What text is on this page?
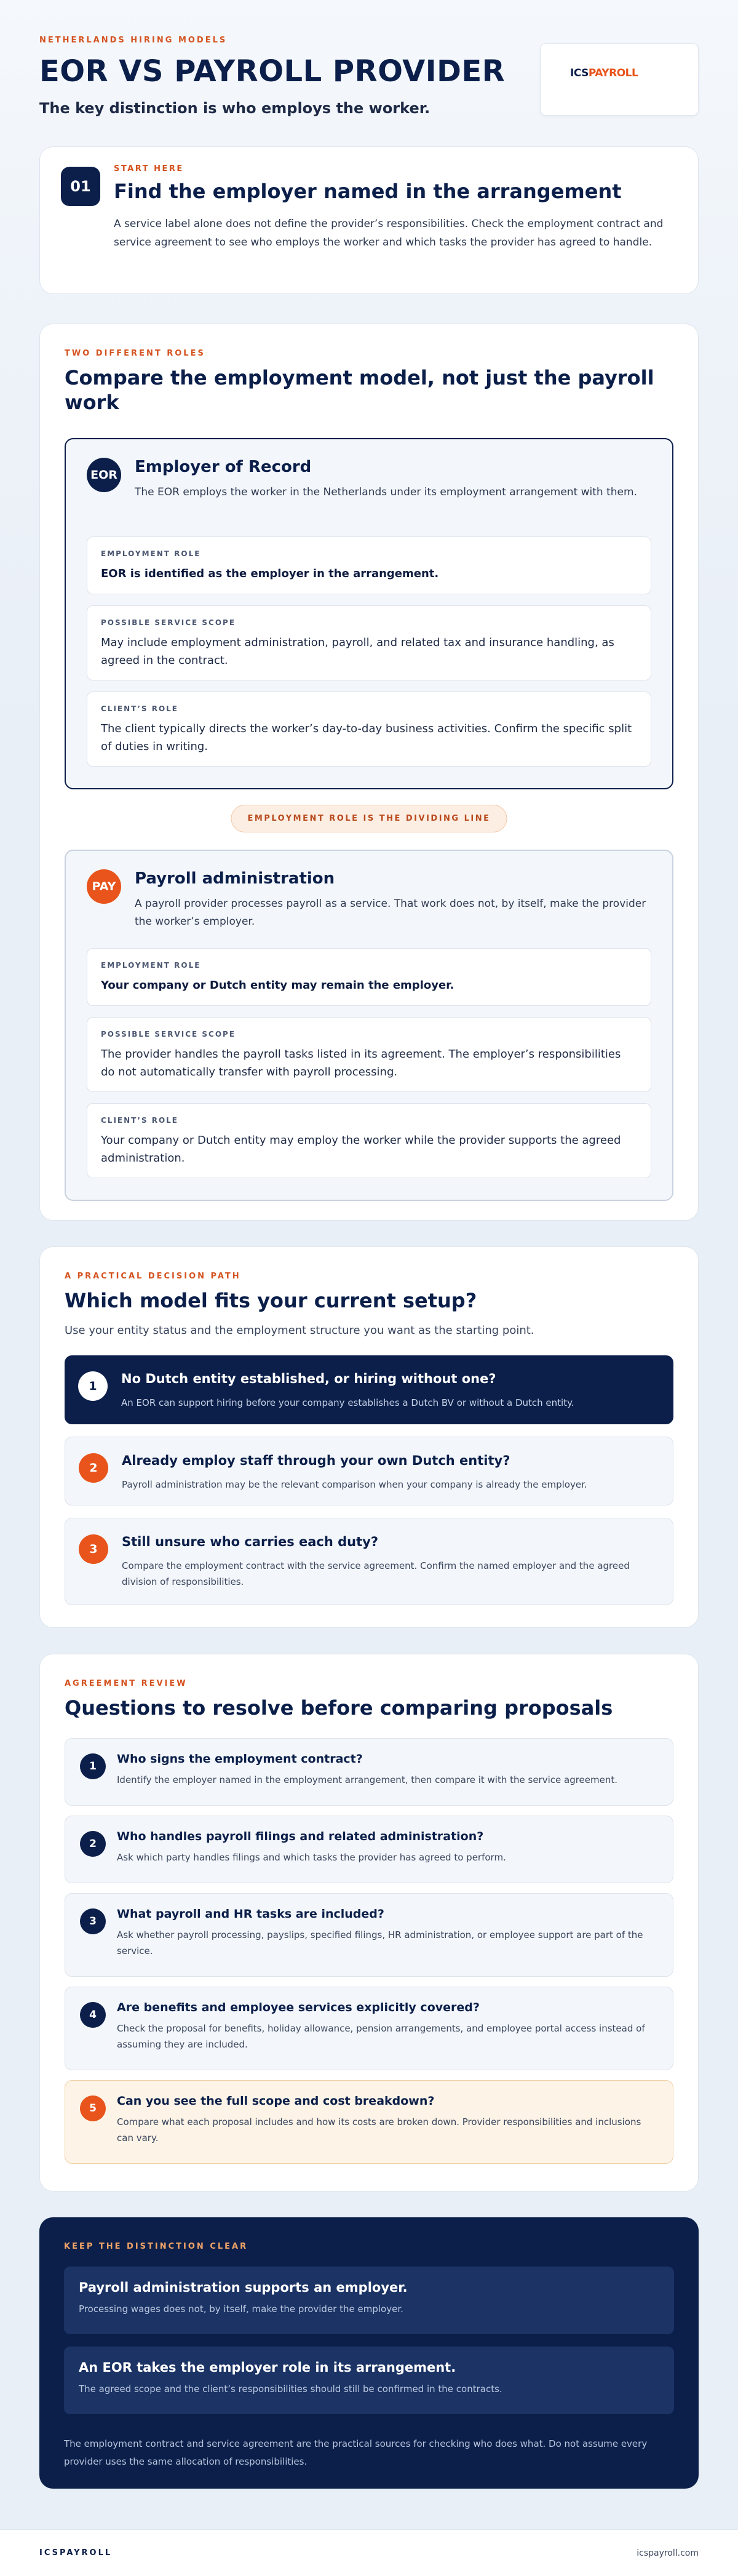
NETHERLANDS HIRING MODELS
EOR VS PAYROLL PROVIDER
The key distinction is who employs the worker.
ICSPAYROLL
01
START HERE
Find the employer named in the arrangement

A service label alone does not define the provider’s responsibilities. Check the employment contract and service agreement to see who employs the worker and which tasks the provider has agreed to handle.

TWO DIFFERENT ROLES
Compare the employment model, not just the payroll work
EOR Employer of Record
The EOR employs the worker in the Netherlands under its employment arrangement with them.
EMPLOYMENT ROLE
EOR is identified as the employer in the arrangement.
POSSIBLE SERVICE SCOPE
May include employment administration, payroll, and related tax and insurance handling, as agreed in the contract.
CLIENT’S ROLE
The client typically directs the worker’s day-to-day business activities. Confirm the specific split of duties in writing.
EMPLOYMENT ROLE IS THE DIVIDING LINE
PAY	Payroll administration
A payroll provider processes payroll as a service. That work does not, by itself, make the provider the worker’s employer.
EMPLOYMENT ROLE
Your company or Dutch entity may remain the employer.
POSSIBLE SERVICE SCOPE
The provider handles the payroll tasks listed in its agreement. The employer’s responsibilities do not automatically transfer with payroll processing.
CLIENT’S ROLE
Your company or Dutch entity may employ the worker while the provider supports the agreed administration.
A PRACTICAL DECISION PATH
Which model fits your current setup?

Use your entity status and the employment structure you want as the starting point.

1	No Dutch entity established, or hiring without one?
An EOR can support hiring before your company establishes a Dutch BV or without a Dutch entity.
2	Already employ staff through your own Dutch entity?
Payroll administration may be the relevant comparison when your company is already the employer.
3	Still unsure who carries each duty?
Compare the employment contract with the service agreement. Confirm the named employer and the agreed division of responsibilities.
AGREEMENT REVIEW
Questions to resolve before comparing proposals
1
Who signs the employment contract?
Identify the employer named in the employment arrangement, then compare it with the service agreement.
2
Who handles payroll filings and related administration?
Ask which party handles filings and which tasks the provider has agreed to perform.
3
What payroll and HR tasks are included?
Ask whether payroll processing, payslips, specified filings, HR administration, or employee support are part of the service.
4
Are benefits and employee services explicitly covered?
Check the proposal for benefits, holiday allowance, pension arrangements, and employee portal access instead of assuming they are included.
5
Can you see the full scope and cost breakdown?
Compare what each proposal includes and how its costs are broken down. Provider responsibilities and inclusions can vary.
KEEP THE DISTINCTION CLEAR
Payroll administration supports an employer.
Processing wages does not, by itself, make the provider the employer.
An EOR takes the employer role in its arrangement.
The agreed scope and the client’s responsibilities should still be confirmed in the contracts.

The employment contract and service agreement are the practical sources for checking who does what. Do not assume every provider uses the same allocation of responsibilities.

ICSPAYROLL	icspayroll.com
